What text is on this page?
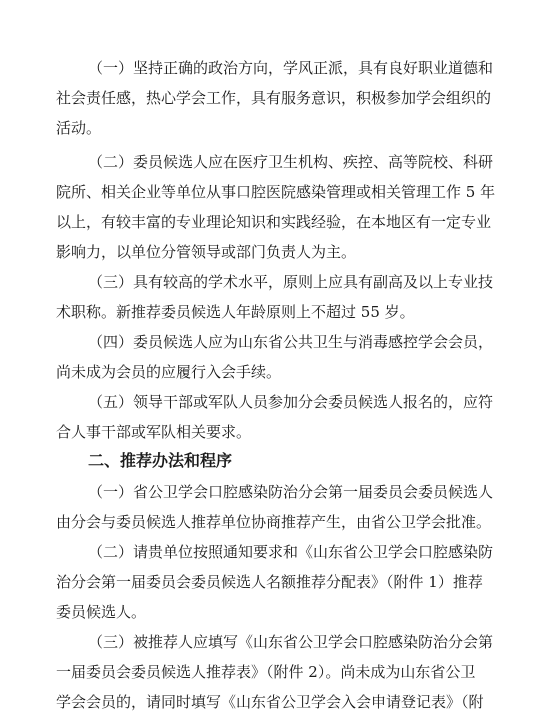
（一）坚持正确的政治方向，学风正派，具有良好职业道德和
社会责任感，热心学会工作，具有服务意识，积极参加学会组织的
活动。
（二）委员候选人应在医疗卫生机构、疾控、高等院校、科研
院所、相关企业等单位从事口腔医院感染管理或相关管理工作 5 年
以上，有较丰富的专业理论知识和实践经验，在本地区有一定专业
影响力，以单位分管领导或部门负责人为主。
（三）具有较高的学术水平，原则上应具有副高及以上专业技
术职称。新推荐委员候选人年龄原则上不超过 55 岁。
（四）委员候选人应为山东省公共卫生与消毒感控学会会员，
尚未成为会员的应履行入会手续。
（五）领导干部或军队人员参加分会委员候选人报名的，应符
合人事干部或军队相关要求。
二、推荐办法和程序
（一）省公卫学会口腔感染防治分会第一届委员会委员候选人
由分会与委员候选人推荐单位协商推荐产生，由省公卫学会批准。
（二）请贵单位按照通知要求和《山东省公卫学会口腔感染防
治分会第一届委员会委员候选人名额推荐分配表》（附件 1）推荐
委员候选人。
（三）被推荐人应填写《山东省公卫学会口腔感染防治分会第
一届委员会委员候选人推荐表》（附件 2）。尚未成为山东省公卫
学会会员的，请同时填写《山东省公卫学会入会申请登记表》（附
